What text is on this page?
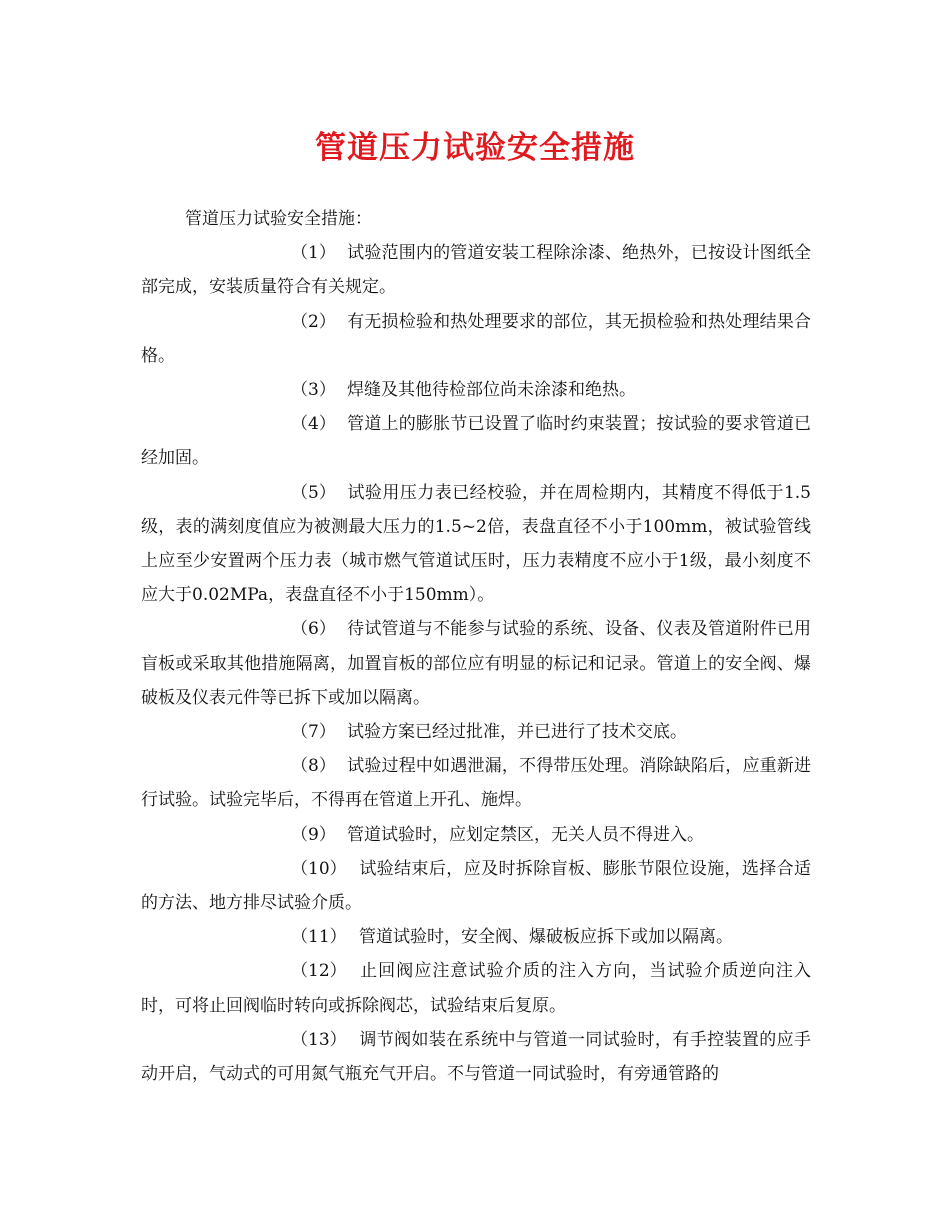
管道压力试验安全措施

管道压力试验安全措施：

（1） 试验范围内的管道安装工程除涂漆、绝热外，已按设计图纸全部完成，安装质量符合有关规定。

（2） 有无损检验和热处理要求的部位，其无损检验和热处理结果合格。

（3） 焊缝及其他待检部位尚未涂漆和绝热。

（4） 管道上的膨胀节已设置了临时约束装置；按试验的要求管道已经加固。

（5） 试验用压力表已经校验，并在周检期内，其精度不得低于1.5级，表的满刻度值应为被测最大压力的1.5~2倍，表盘直径不小于100mm，被试验管线上应至少安置两个压力表（城市燃气管道试压时，压力表精度不应小于1级，最小刻度不应大于0.02MPa，表盘直径不小于150mm）。

（6） 待试管道与不能参与试验的系统、设备、仪表及管道附件已用盲板或采取其他措施隔离，加置盲板的部位应有明显的标记和记录。管道上的安全阀、爆破板及仪表元件等已拆下或加以隔离。

（7） 试验方案已经过批准，并已进行了技术交底。

（8） 试验过程中如遇泄漏，不得带压处理。消除缺陷后，应重新进行试验。试验完毕后，不得再在管道上开孔、施焊。

（9） 管道试验时，应划定禁区，无关人员不得进入。

（10） 试验结束后，应及时拆除盲板、膨胀节限位设施，选择合适的方法、地方排尽试验介质。

（11） 管道试验时，安全阀、爆破板应拆下或加以隔离。

（12） 止回阀应注意试验介质的注入方向，当试验介质逆向注入时，可将止回阀临时转向或拆除阀芯，试验结束后复原。

（13） 调节阀如装在系统中与管道一同试验时，有手控装置的应手动开启，气动式的可用氮气瓶充气开启。不与管道一同试验时，有旁通管路的
